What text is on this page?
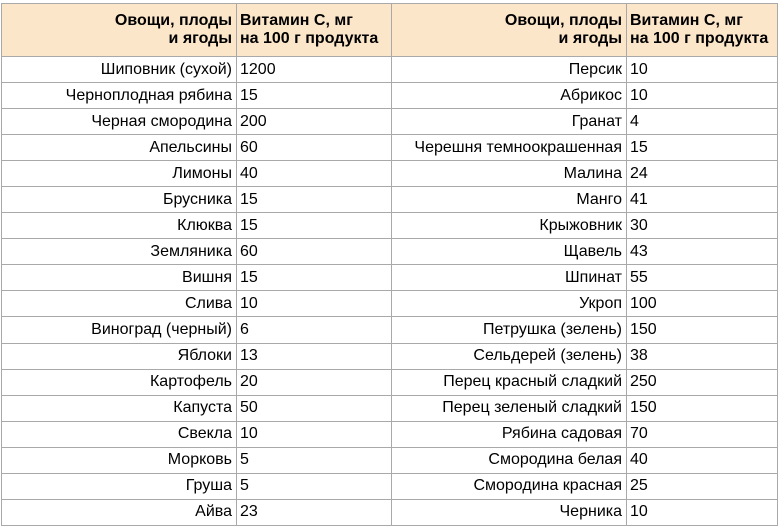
Овощи, плоды
и ягоды	Витамин С, мг
на 100 г продукта

Шиповник (сухой)	1200
Черноплодная рябина	15
Черная смородина	200
Апельсины	60
Лимоны	40
Брусника	15
Клюква	15
Земляника	60
Вишня	15
Слива	10
Виноград (черный)	6
Яблоки	13
Картофель	20
Капуста	50
Свекла	10
Морковь	5
Груша	5
Айва	23
Овощи, плоды
и ягоды	Витамин С, мг
на 100 г продукта

Персик	10
Абрикос	10
Гранат	4
Черешня темноокрашенная	15
Малина	24
Манго	41
Крыжовник	30
Щавель	43
Шпинат	55
Укроп	100
Петрушка (зелень)	150
Сельдерей (зелень)	38
Перец красный сладкий	250
Перец зеленый сладкий	150
Рябина садовая	70
Смородина белая	40
Смородина красная	25
Черника	10
